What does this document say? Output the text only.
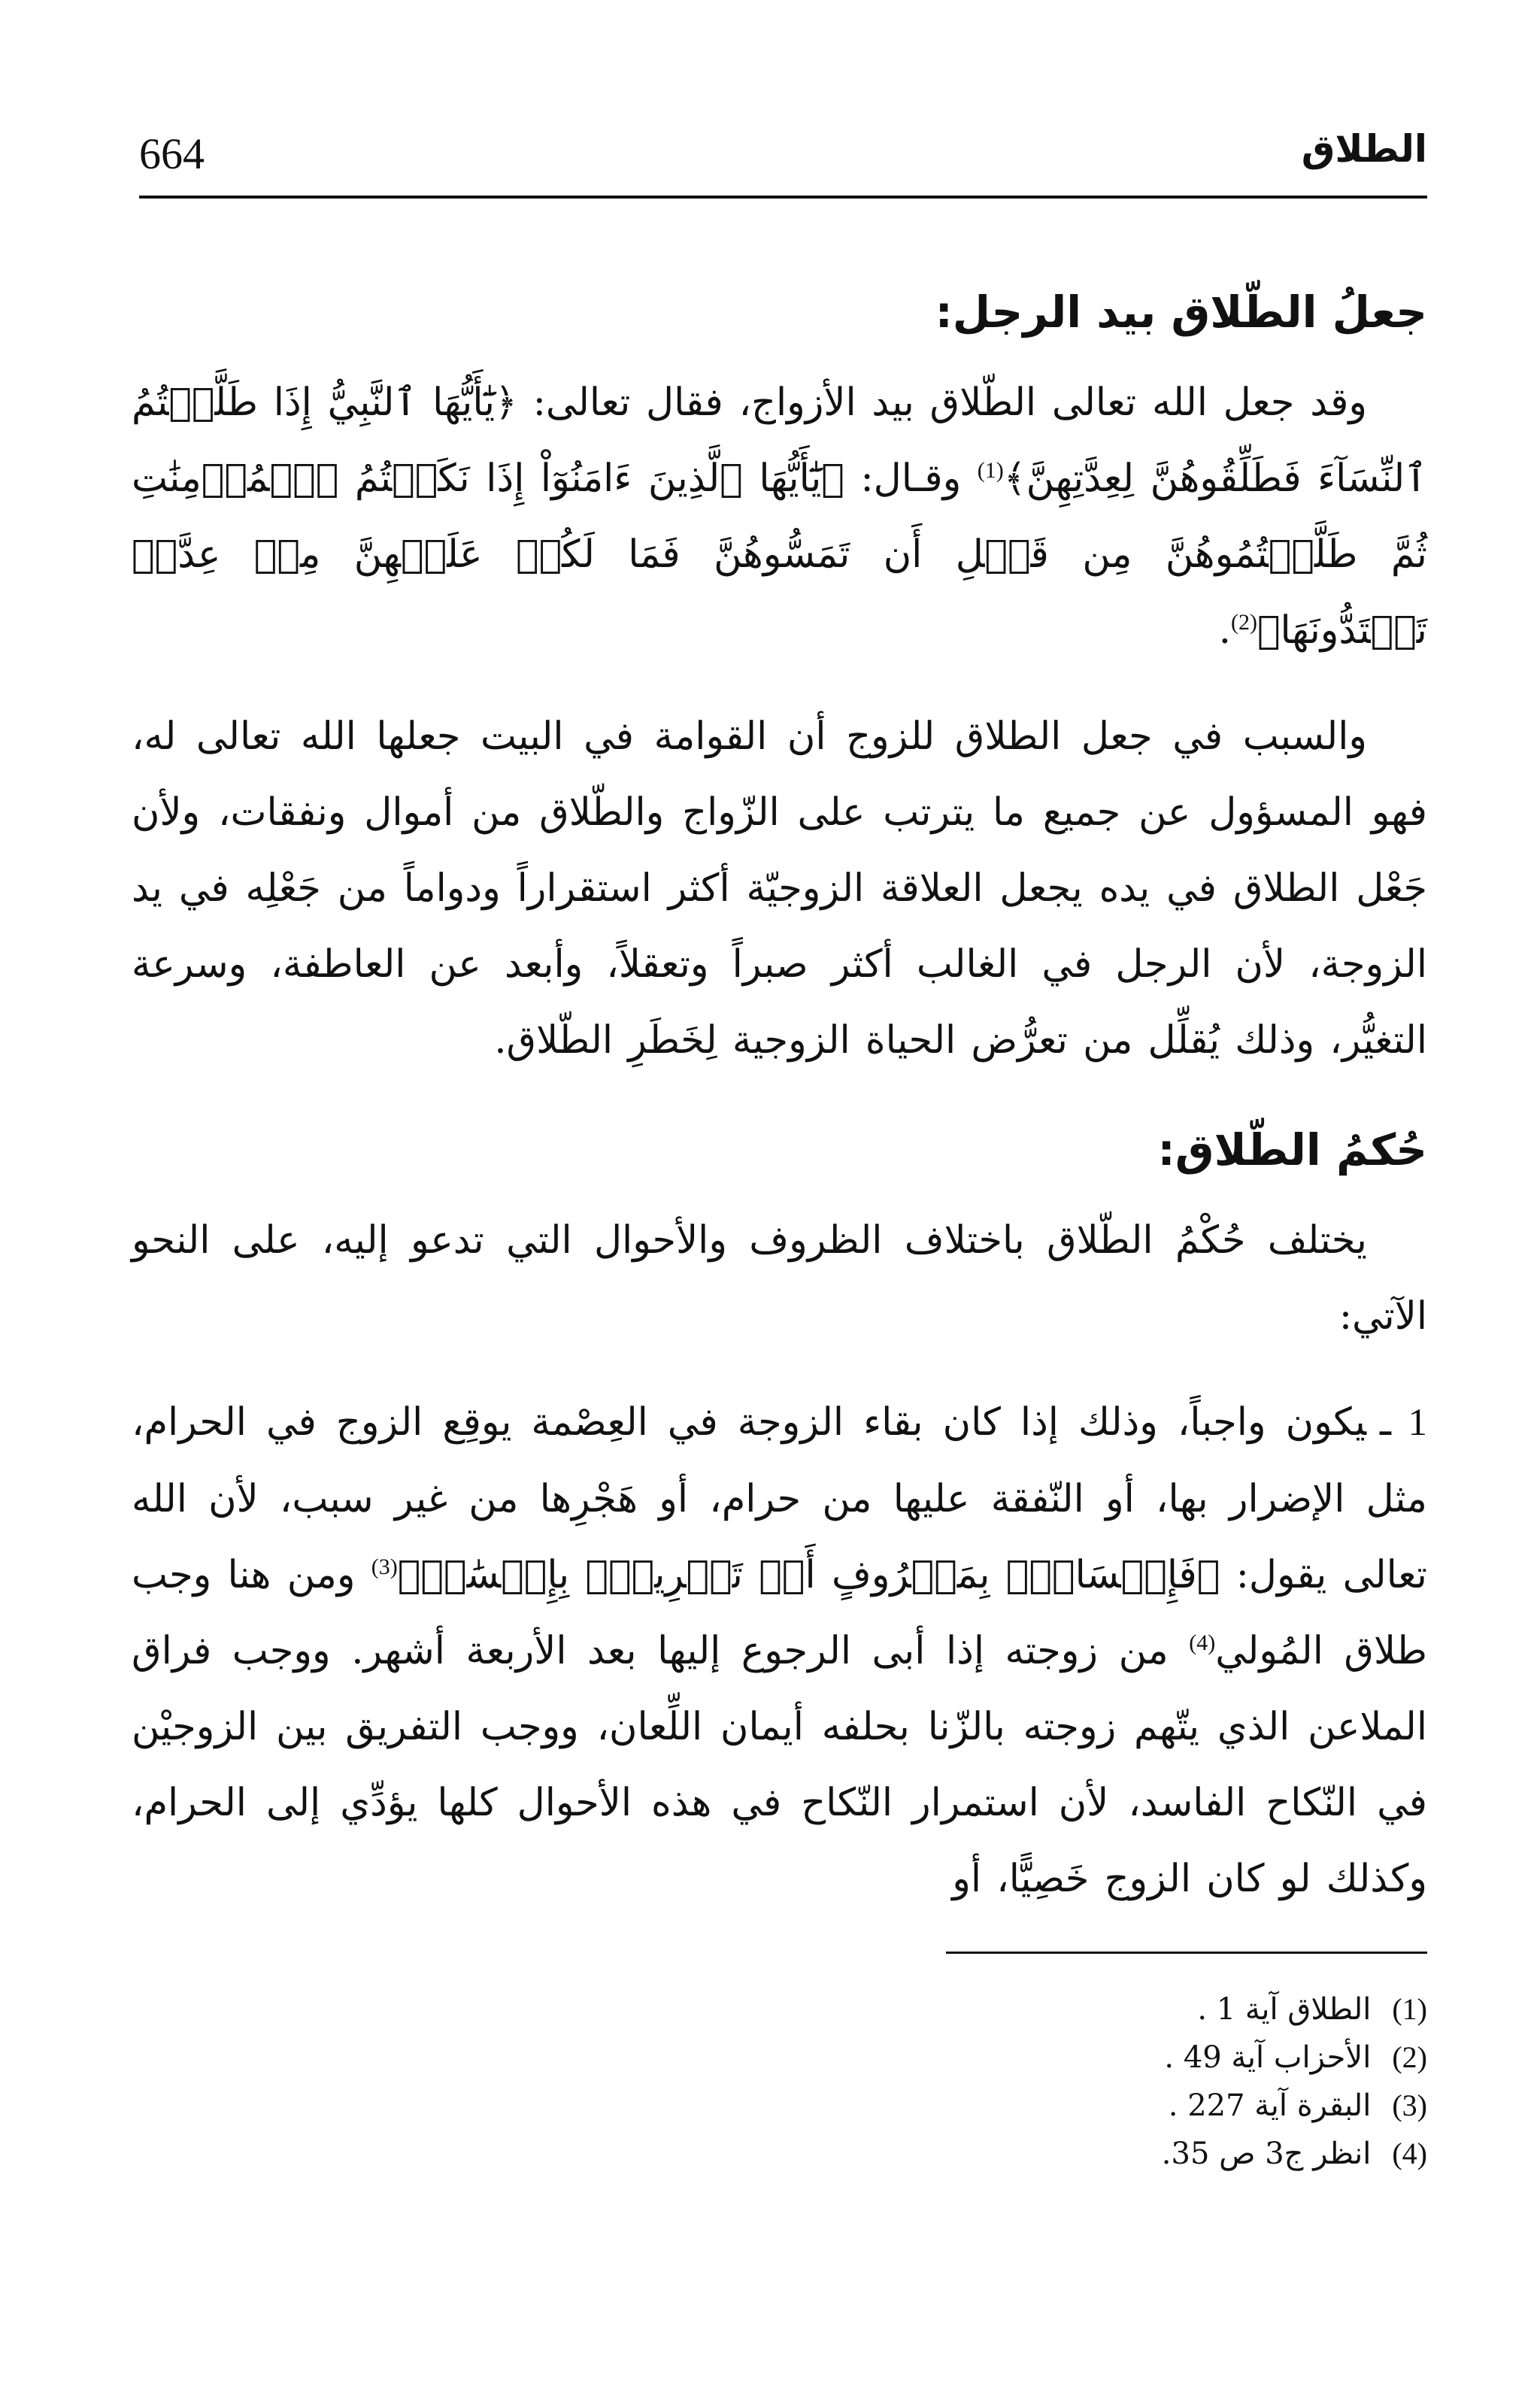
664	الطلاق
جعلُ الطّلاق بيد الرجل:

وقد جعل الله تعالى الطّلاق بيد الأزواج، فقال تعالى: ﴿يَٰٓأَيُّهَا ٱلنَّبِيُّ إِذَا طَلَّقۡتُمُ ٱلنِّسَآءَ فَطَلِّقُوهُنَّ لِعِدَّتِهِنَّ﴾$^{(1)}$ وقـال: ﴿يَٰٓأَيُّهَا ٱلَّذِينَ ءَامَنُوٓاْ إِذَا نَكَحۡتُمُ ٱلۡمُؤۡمِنَٰتِ ثُمَّ طَلَّقۡتُمُوهُنَّ مِن قَبۡلِ أَن تَمَسُّوهُنَّ فَمَا لَكُمۡ عَلَيۡهِنَّ مِنۡ عِدَّةٖ تَعۡتَدُّونَهَا﴾$^{(2)}$.

والسبب في جعل الطلاق للزوج أن القوامة في البيت جعلها الله تعالى له، فهو المسؤول عن جميع ما يترتب على الزّواج والطّلاق من أموال ونفقات، ولأن جَعْل الطلاق في يده يجعل العلاقة الزوجيّة أكثر استقراراً ودواماً من جَعْلِه في يد الزوجة، لأن الرجل في الغالب أكثر صبراً وتعقلاً، وأبعد عن العاطفة، وسرعة التغيُّر، وذلك يُقلِّل من تعرُّض الحياة الزوجية لِخَطَرِ الطّلاق.

حُكمُ الطّلاق:

يختلف حُكْمُ الطّلاق باختلاف الظروف والأحوال التي تدعو إليه، على النحو الآتي:

1 ـيكون واجباً، وذلك إذا كان بقاء الزوجة في العِصْمة يوقِع الزوج في الحرام، مثل الإضرار بها، أو النّفقة عليها من حرام، أو هَجْرِها من غير سبب، لأن الله تعالى يقول: ﴿فَإِمۡسَاكُۢ بِمَعۡرُوفٍ أَوۡ تَسۡرِيحُۢ بِإِحۡسَٰنٖ﴾$^{(3)}$ ومن هنا وجب طلاق المُولي$^{(4)}$ من زوجته إذا أبى الرجوع إليها بعد الأربعة أشهر. ووجب فراق الملاعن الذي يتّهم زوجته بالزّنا بحلفه أيمان اللِّعان، ووجب التفريق بين الزوجيْن في النّكاح الفاسد، لأن استمرار النّكاح في هذه الأحوال كلها يؤدِّي إلى الحرام، وكذلك لو كان الزوج خَصِيًّا، أو

(1)الطلاق آية 1 .
(2)الأحزاب آية 49 .
(3)البقرة آية 227 .
(4)انظر ج3 ص 35.
